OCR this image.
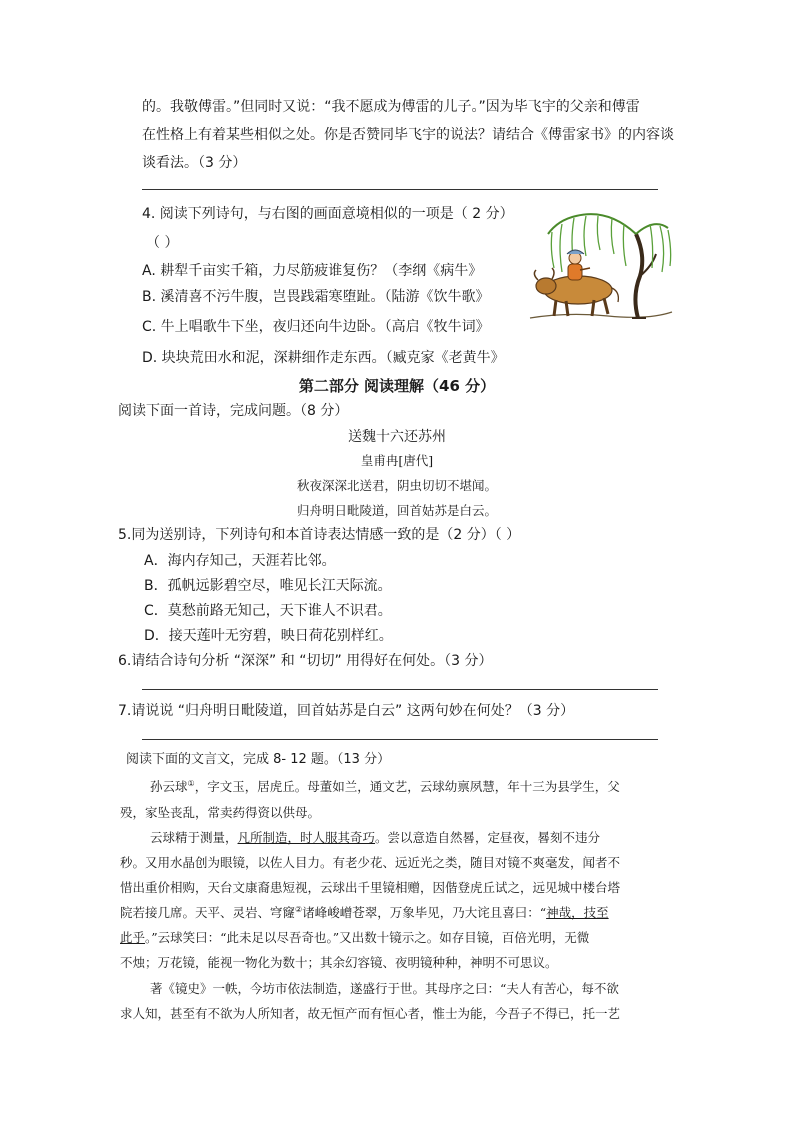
的。我敬傅雷。”但同时又说：“我不愿成为傅雷的儿子。”因为毕飞宇的父亲和傅雷
在性格上有着某些相似之处。你是否赞同毕飞宇的说法？请结合《傅雷家书》的内容谈
谈看法。（3 分）
4. 阅读下列诗句，与右图的画面意境相似的一项是（ 2 分）
（ ）
A. 耕犁千亩实千箱，力尽筋疲谁复伤？（李纲《病牛》
B. 溪清喜不污牛腹，岂畏践霜寒堕趾。（陆游《饮牛歌》
C. 牛上唱歌牛下坐，夜归还向牛边卧。（高启《牧牛词》
D. 块块荒田水和泥，深耕细作走东西。（臧克家《老黄牛》
第二部分 阅读理解（46 分）
阅读下面一首诗，完成问题。（8 分）
送魏十六还苏州
皇甫冉[唐代]
秋夜深深北送君，阴虫切切不堪闻。
归舟明日毗陵道，回首姑苏是白云。
5.同为送别诗，下列诗句和本首诗表达情感一致的是（2 分）（ ）
A．海内存知己，天涯若比邻。
B．孤帆远影碧空尽，唯见长江天际流。
C．莫愁前路无知己，天下谁人不识君。
D．接天莲叶无穷碧，映日荷花别样红。
6.请结合诗句分析 “深深” 和 “切切” 用得好在何处。（3 分）
7.请说说 “归舟明日毗陵道，回首姑苏是白云” 这两句妙在何处？（3 分）
阅读下面的文言文，完成 8- 12 题。（13 分）
孙云球①，字文玉，居虎丘。母董如兰，通文艺，云球幼禀夙慧，年十三为县学生，父
殁，家坠丧乱，常卖药得资以供母。
云球精于测量，凡所制造，时人服其奇巧。尝以意造自然晷，定昼夜，晷刻不违分
秒。又用水晶创为眼镜，以佐人目力。有老少花、远近光之类，随目对镜不爽毫发，闻者不
惜出重价相购，天台文康裔患短视，云球出千里镜相赠，因偕登虎丘试之，远见城中楼台塔
院若接几席。天平、灵岩、穹窿②诸峰峻嶒苍翠，万象毕见，乃大诧且喜曰：“神哉，技至
此乎。”云球笑曰：“此未足以尽吾奇也。”又出数十镜示之。如存目镜，百倍光明，无微
不烛；万花镜，能视一物化为数十；其余幻容镜、夜明镜种种，神明不可思议。
著《镜史》一帙，今坊市依法制造，遂盛行于世。其母序之曰：“夫人有苦心，每不欲
求人知，甚至有不欲为人所知者，故无恒产而有恒心者，惟士为能，今吾子不得已，托一艺
